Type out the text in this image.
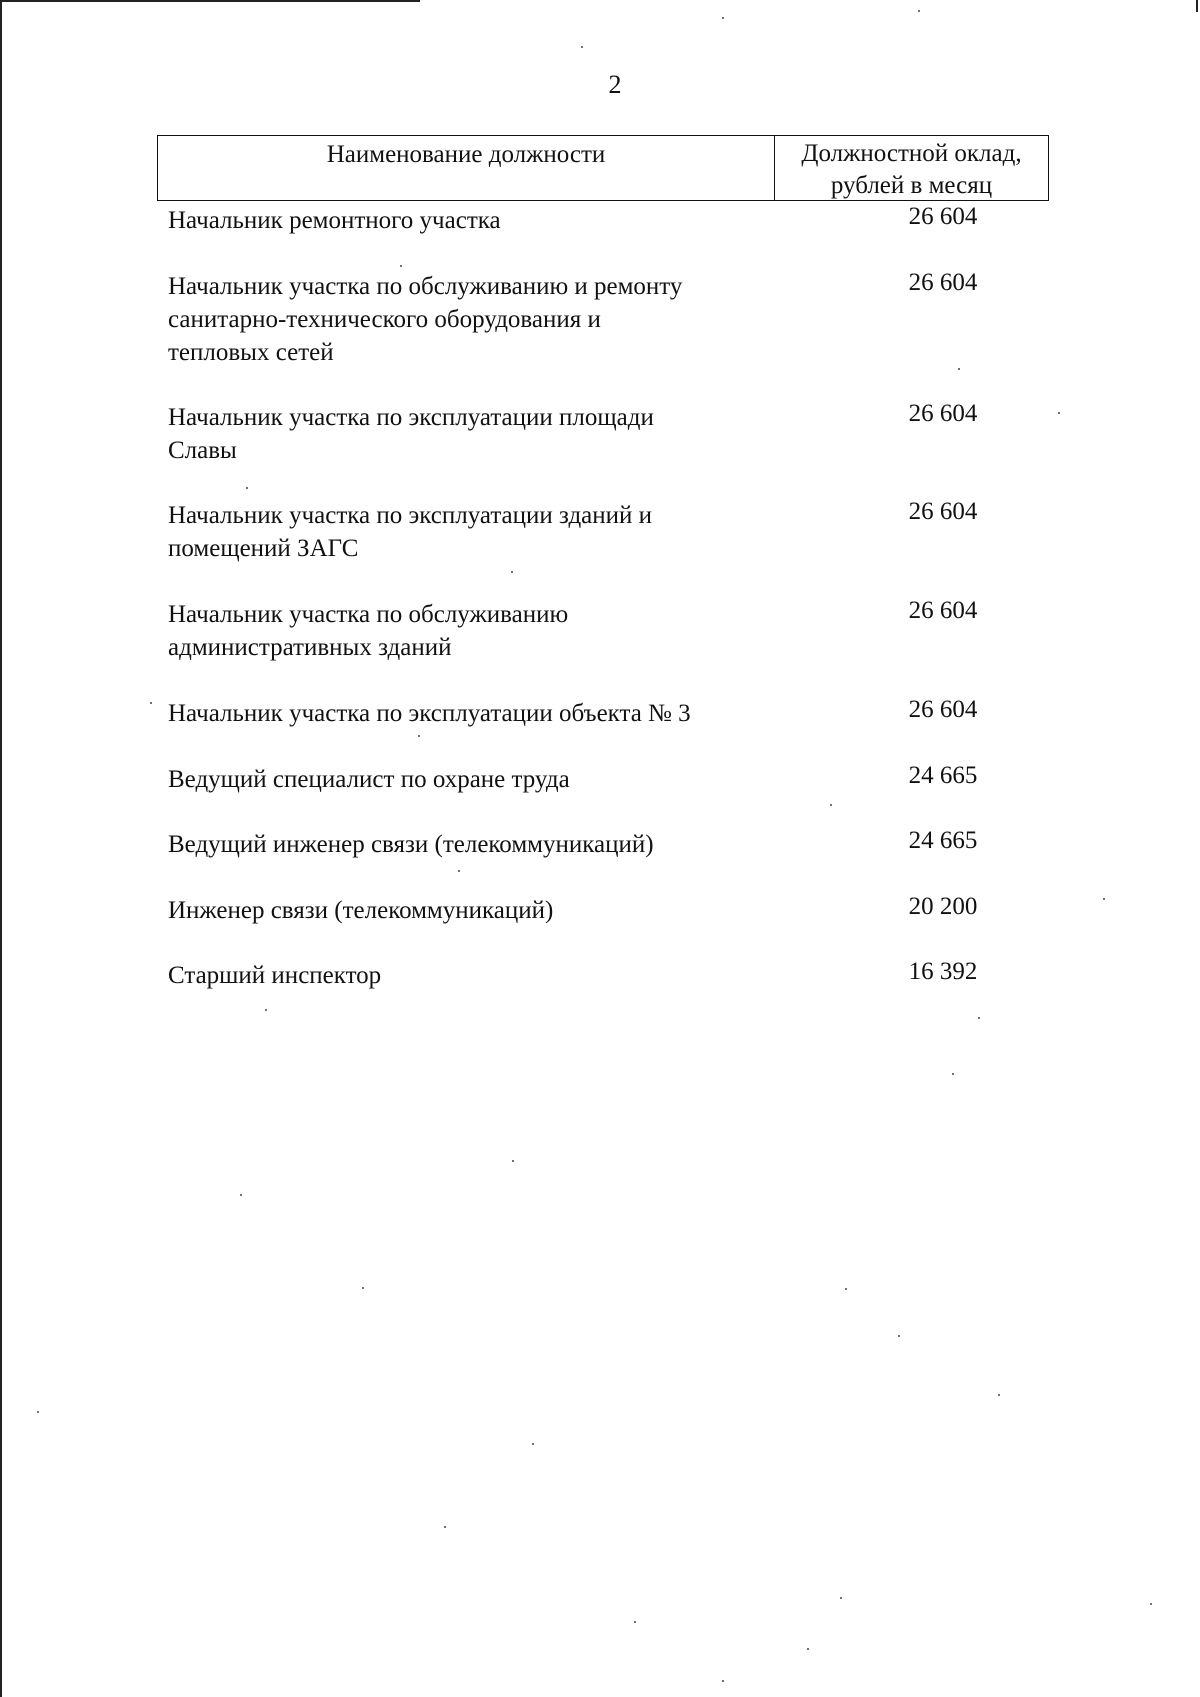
2
Наименование должности	Должностной оклад, рублей в месяц
Начальник ремонтного участка	26 604
Начальник участка по обслуживанию и ремонту
санитарно-технического оборудования и
тепловых сетей
26 604
Начальник участка по эксплуатации площади
Славы
26 604
Начальник участка по эксплуатации зданий и
помещений ЗАГС
26 604
Начальник участка по обслуживанию
административных зданий
26 604
Начальник участка по эксплуатации объекта № 3	26 604
Ведущий специалист по охране труда	24 665
Ведущий инженер связи (телекоммуникаций)	24 665
Инженер связи (телекоммуникаций)	20 200
Старший инспектор	16 392
